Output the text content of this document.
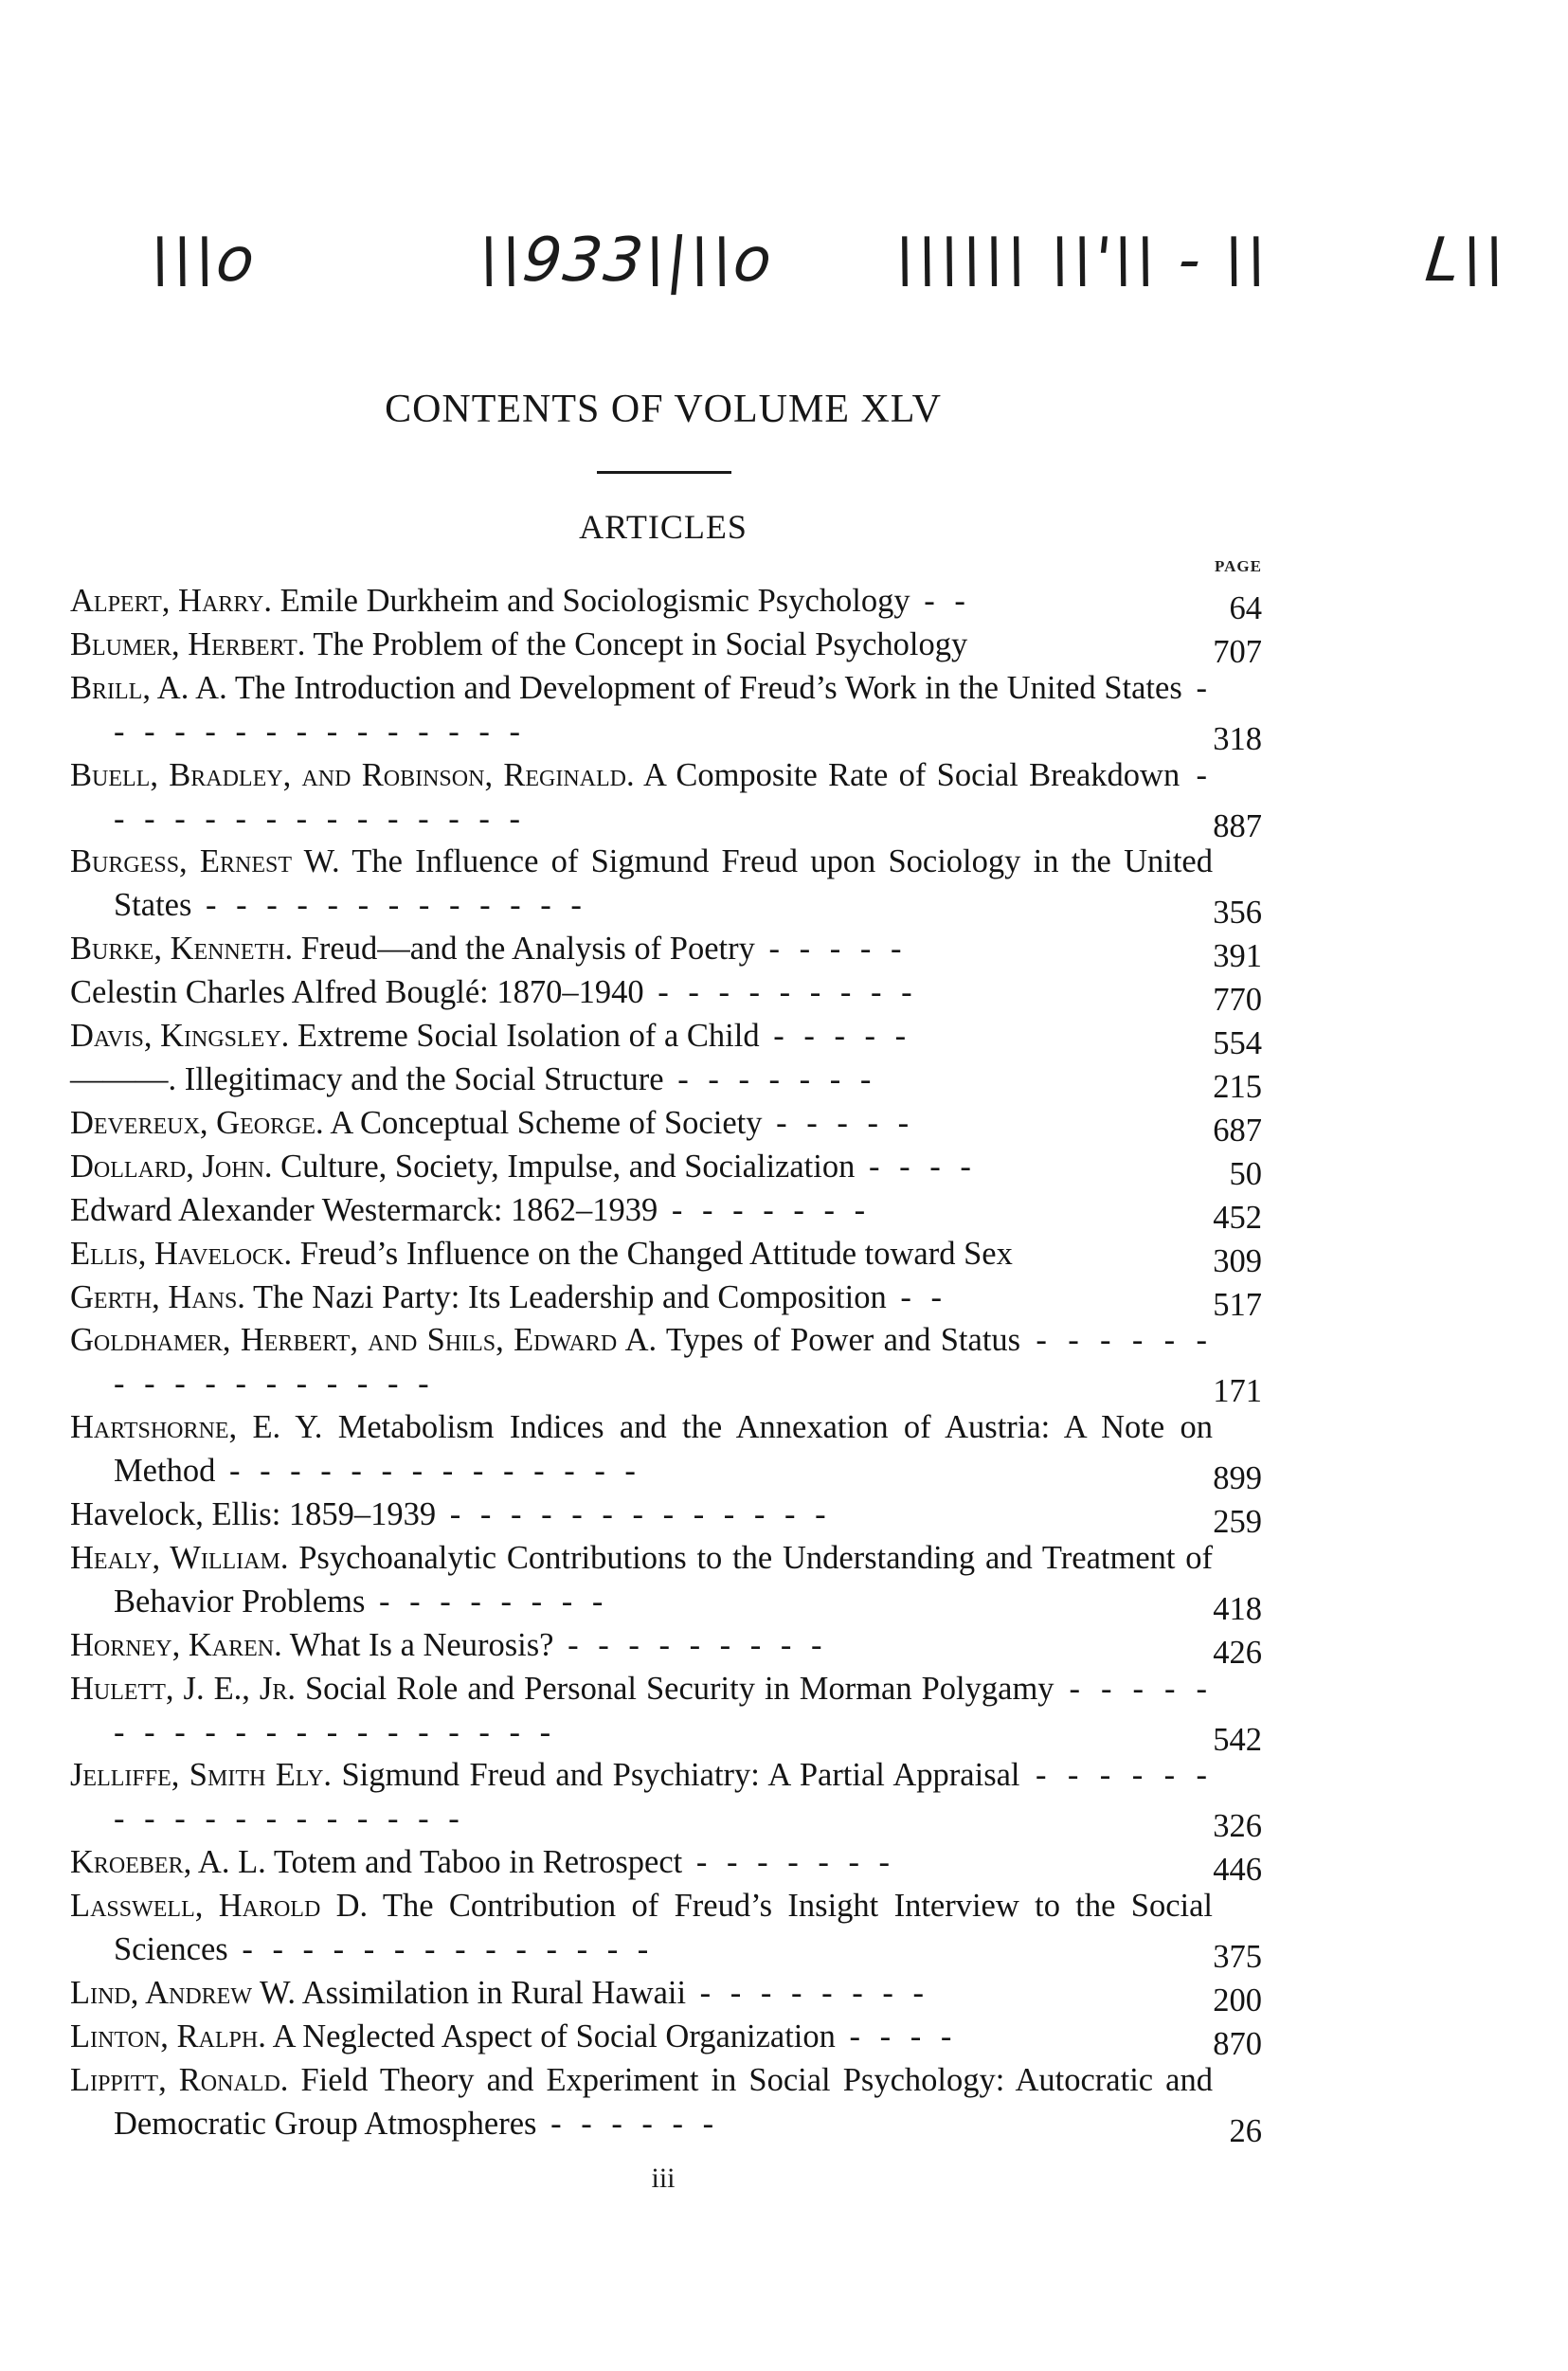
\\\o	\\933\|\\o \\\\\\ \\'\\ - \\ L\\
CONTENTS OF VOLUME XLV
ARTICLES
PAGE
Alpert, Harry. Emile Durkheim and Sociologismic Psychology - -	64
Blumer, Herbert. The Problem of the Concept in Social Psychology	707
Brill, A. A. The Introduction and Development of Freud’s Work in the United States - - - - - - - - - - - - - - -	318
Buell, Bradley, and Robinson, Reginald. A Composite Rate of Social Breakdown - - - - - - - - - - - - - - -	887
Burgess, Ernest W. The Influence of Sigmund Freud upon Sociology in the United States - - - - - - - - - - - - -	356
Burke, Kenneth. Freud—and the Analysis of Poetry - - - - -	391
Celestin Charles Alfred Bouglé: 1870–1940 - - - - - - - - -	770
Davis, Kingsley. Extreme Social Isolation of a Child - - - - -	554
———. Illegitimacy and the Social Structure - - - - - - -	215
Devereux, George. A Conceptual Scheme of Society - - - - -	687
Dollard, John. Culture, Society, Impulse, and Socialization - - - -	50
Edward Alexander Westermarck: 1862–1939 - - - - - - -	452
Ellis, Havelock. Freud’s Influence on the Changed Attitude toward Sex	309
Gerth, Hans. The Nazi Party: Its Leadership and Composition - -	517
Goldhamer, Herbert, and Shils, Edward A. Types of Power and Status - - - - - - - - - - - - - - - - -	171
Hartshorne, E. Y. Metabolism Indices and the Annexation of Austria: A Note on Method - - - - - - - - - - - - - -	899
Havelock, Ellis: 1859–1939 - - - - - - - - - - - - -	259
Healy, William. Psychoanalytic Contributions to the Understanding and Treatment of Behavior Problems - - - - - - - -	418
Horney, Karen. What Is a Neurosis? - - - - - - - - -	426
Hulett, J. E., Jr. Social Role and Personal Security in Morman Polygamy - - - - - - - - - - - - - - - - - - - -	542
Jelliffe, Smith Ely. Sigmund Freud and Psychiatry: A Partial Appraisal - - - - - - - - - - - - - - - - - -	326
Kroeber, A. L. Totem and Taboo in Retrospect - - - - - - -	446
Lasswell, Harold D. The Contribution of Freud’s Insight Interview to the Social Sciences - - - - - - - - - - - - - -	375
Lind, Andrew W. Assimilation in Rural Hawaii - - - - - - - -	200
Linton, Ralph. A Neglected Aspect of Social Organization - - - -	870
Lippitt, Ronald. Field Theory and Experiment in Social Psychology: Autocratic and Democratic Group Atmospheres - - - - - -	26
iii
